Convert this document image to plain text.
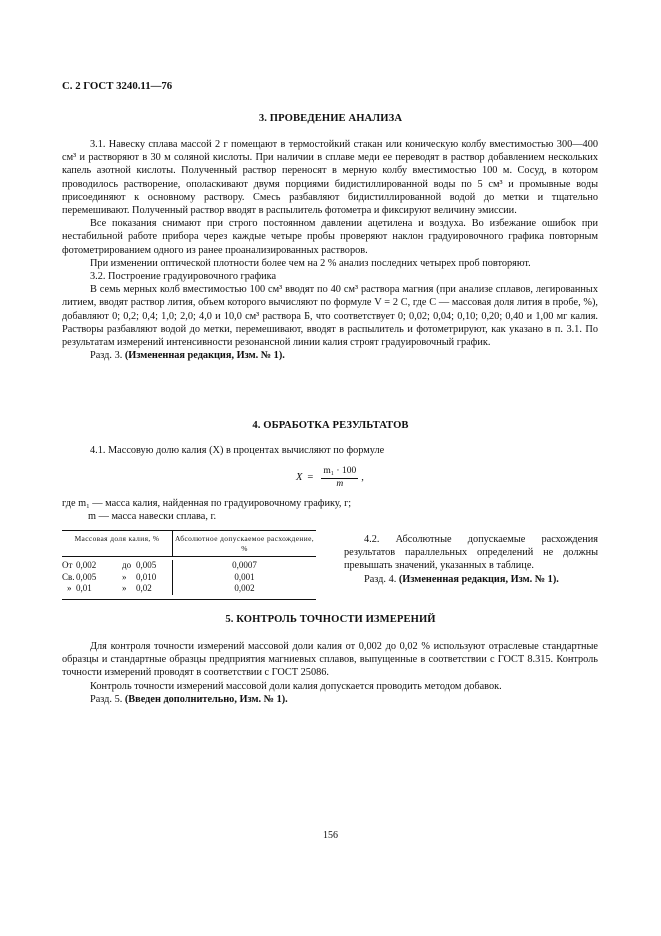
С. 2 ГОСТ 3240.11—76
3. ПРОВЕДЕНИЕ АНАЛИЗА

3.1. Навеску сплава массой 2 г помещают в термостойкий стакан или коническую колбу вместимостью 300—400 см³ и растворяют в 30 м соляной кислоты. При наличии в сплаве меди ее переводят в раствор добавлением нескольких капель азотной кислоты. Полученный раствор переносят в мерную колбу вместимостью 100 м. Сосуд, в котором проводилось растворение, ополаскивают двумя порциями бидистиллированной воды по 5 см³ и промывные воды присоединяют к основному раствору. Смесь разбавляют бидистиллированной водой до метки и тщательно перемешивают. Полученный раствор вводят в распылитель фотометра и фиксируют величину эмиссии.

Все показания снимают при строго постоянном давлении ацетилена и воздуха. Во избежание ошибок при нестабильной работе прибора через каждые четыре пробы проверяют наклон градуировочного графика повторным фотометрированием одного из ранее проанализированных растворов.

При изменении оптической плотности более чем на 2 % анализ последних четырех проб повторяют.

3.2. Построение градуировочного графика

В семь мерных колб вместимостью 100 см³ вводят по 40 см³ раствора магния (при анализе сплавов, легированных литием, вводят раствор лития, объем которого вычисляют по формуле V = 2 C, где C — массовая доля лития в пробе, %), добавляют 0; 0,2; 0,4; 1,0; 2,0; 4,0 и 10,0 см³ раствора Б, что соответствует 0; 0,02; 0,04; 0,10; 0,20; 0,40 и 1,00 мг калия. Растворы разбавляют водой до метки, перемешивают, вводят в распылитель и фотометрируют, как указано в п. 3.1. По результатам измерений интенсивности резонансной линии калия строят градуировочный график.

Разд. 3. (Измененная редакция, Изм. № 1).

4. ОБРАБОТКА РЕЗУЛЬТАТОВ

4.1. Массовую долю калия (X) в процентах вычисляют по формуле

$X = \frac{\text{m₁ · 100}}{m}$ ,
где m₁ — масса калия, найденная по градуировочному графику, г;
m — масса навески сплава, г.
Массовая доля калия, %	Абсолютное допускаемое расхождение, %
От 0,002	до 0,005	0,0007
Св. 0,005	» 0,010	0,001
» 0,01	» 0,02	0,002

4.2. Абсолютные допускаемые расхождения результатов параллельных определений не должны превышать значений, указанных в таблице.

Разд. 4. (Измененная редакция, Изм. № 1).

5. КОНТРОЛЬ ТОЧНОСТИ ИЗМЕРЕНИЙ

Для контроля точности измерений массовой доли калия от 0,002 до 0,02 % используют отраслевые стандартные образцы и стандартные образцы предприятия магниевых сплавов, выпущенные в соответствии с ГОСТ 8.315. Контроль точности измерений проводят в соответствии с ГОСТ 25086.

Контроль точности измерений массовой доли калия допускается проводить методом добавок.

Разд. 5. (Введен дополнительно, Изм. № 1).

156
